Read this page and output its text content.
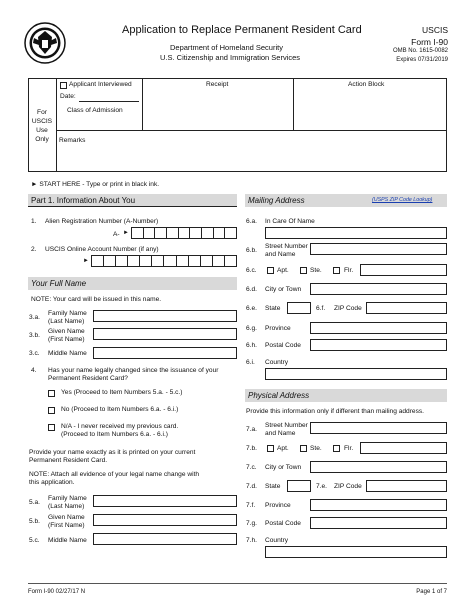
Application to Replace Permanent Resident Card
Department of Homeland Security
U.S. Citizenship and Immigration Services
USCIS
Form I-90
OMB No. 1615-0082
Expires 07/31/2019
For
USCIS
Use
Only
Applicant Interviewed
Date:
Class of Admission
Receipt	Action Block
Remarks
► START HERE - Type or print in black ink.
Part 1. Information About You
1. Alien Registration Number (A-Number)
A- ►
2. USCIS Online Account Number (if any)
►
Your Full Name
NOTE: Your card will be issued in this name.
3.a.
Family Name
(Last Name)
3.b.
Given Name
(First Name)
3.c. Middle Name
4. Has your name legally changed since the issuance of your
Permanent Resident Card?
Yes (Proceed to Item Numbers 5.a. - 5.c.)
No (Proceed to Item Numbers 6.a. - 6.i.)
N/A - I never received my previous card.
(Proceed to Item Numbers 6.a. - 6.i.)
Provide your name exactly as it is printed on your current
Permanent Resident Card.
NOTE: Attach all evidence of your legal name change with
this application.
5.a.
Family Name
(Last Name)
5.b.
Given Name
(First Name)
5.c. Middle Name
Mailing Address	(USPS ZIP Code Lookup)
6.a. In Care Of Name
6.b.
Street Number
and Name
6.c.	Apt.	Ste.	Flr.
6.d. City or Town
6.e. State	6.f. ZIP Code
6.g. Province
6.h. Postal Code
6.i. Country
Physical Address
Provide this information only if different than mailing address.
7.a.
Street Number
and Name
7.b.	Apt.	Ste.	Flr.
7.c. City or Town
7.d. State	7.e. ZIP Code
7.f. Province
7.g. Postal Code
7.h. Country
Form I-90 02/27/17 N	Page 1 of 7
